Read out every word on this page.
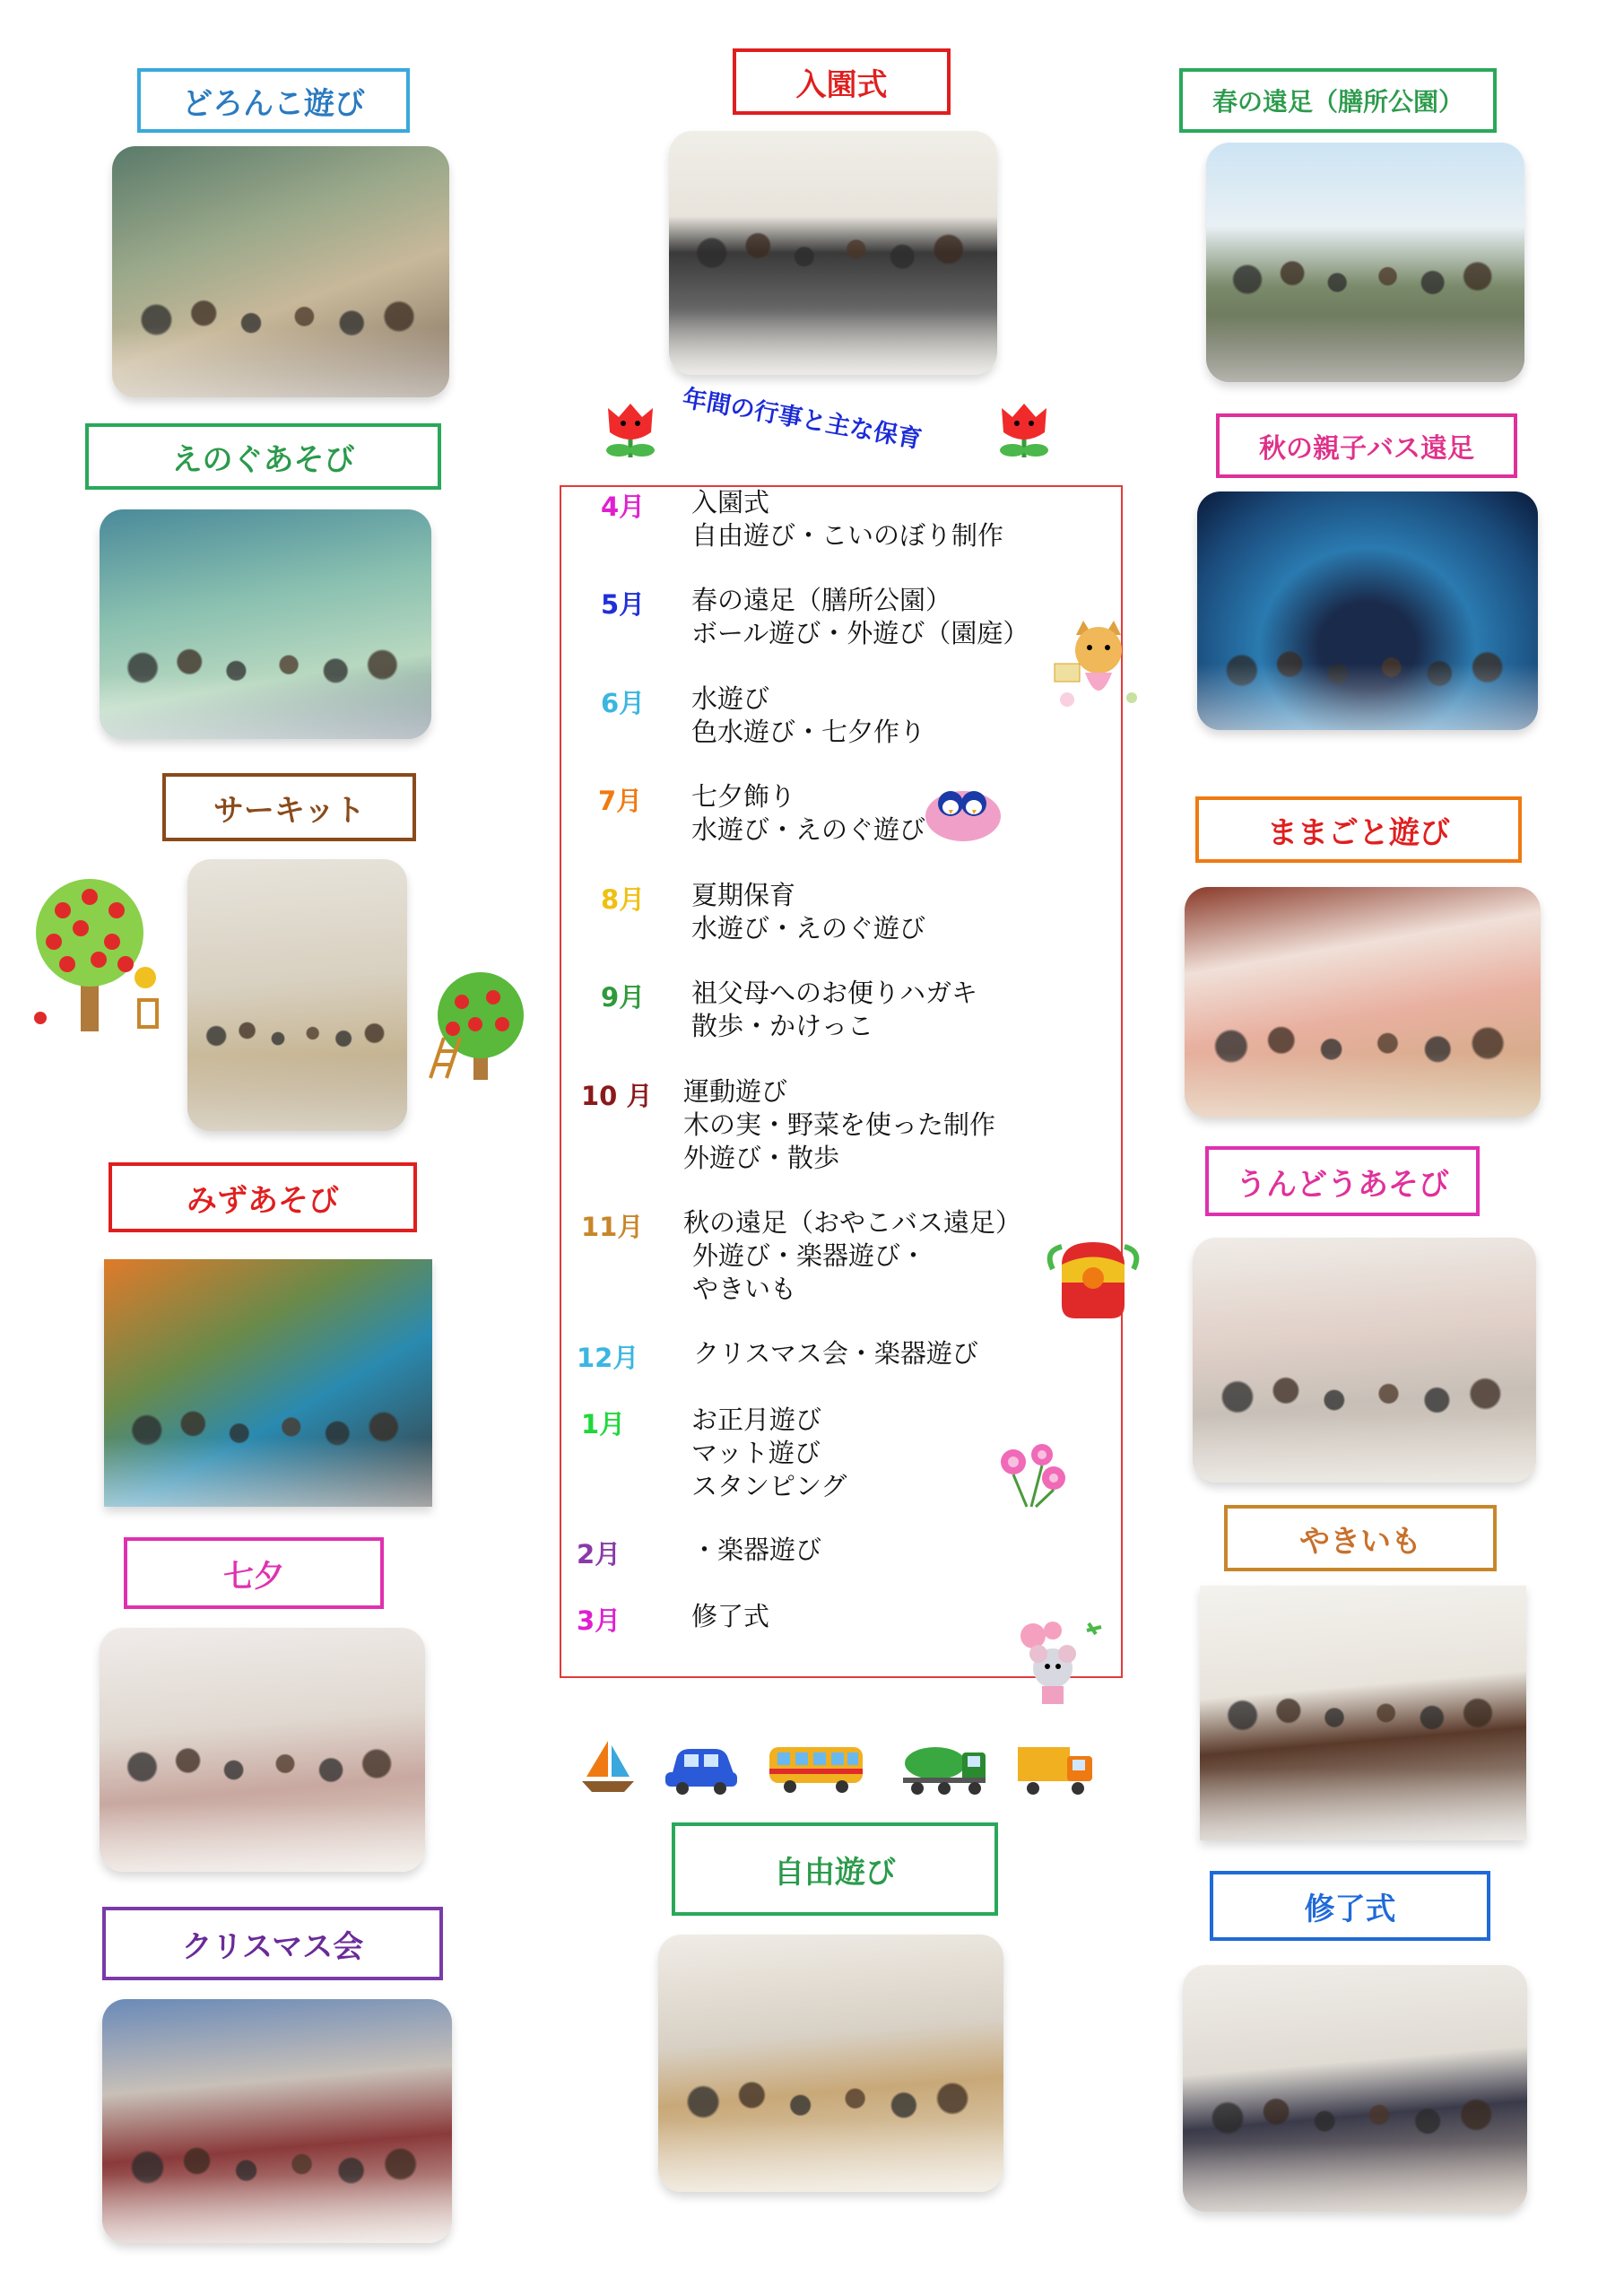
どろんこ遊び
えのぐあそび
サーキット
みずあそび
七夕
クリスマス会
入園式
年間の行事と主な保育
4月 入園式
自由遊び・こいのぼり制作
5月 春の遠足（膳所公園）
ボール遊び・外遊び（園庭）
6月 水遊び
色水遊び・七夕作り
7月 七夕飾り
水遊び・えのぐ遊び
8月 夏期保育
水遊び・えのぐ遊び
9月 祖父母へのお便りハガキ
散歩・かけっこ
10 月 運動遊び
木の実・野菜を使った制作
外遊び・散歩
11月 秋の遠足（おやこバス遠足）
外遊び・楽器遊び・
やきいも
12月 クリスマス会・楽器遊び
1月	お正月遊び
マット遊び
スタンピング
2月	・楽器遊び
3月	修了式
自由遊び
春の遠足（膳所公園）
秋の親子バス遠足
ままごと遊び
うんどうあそび
やきいも
修了式
